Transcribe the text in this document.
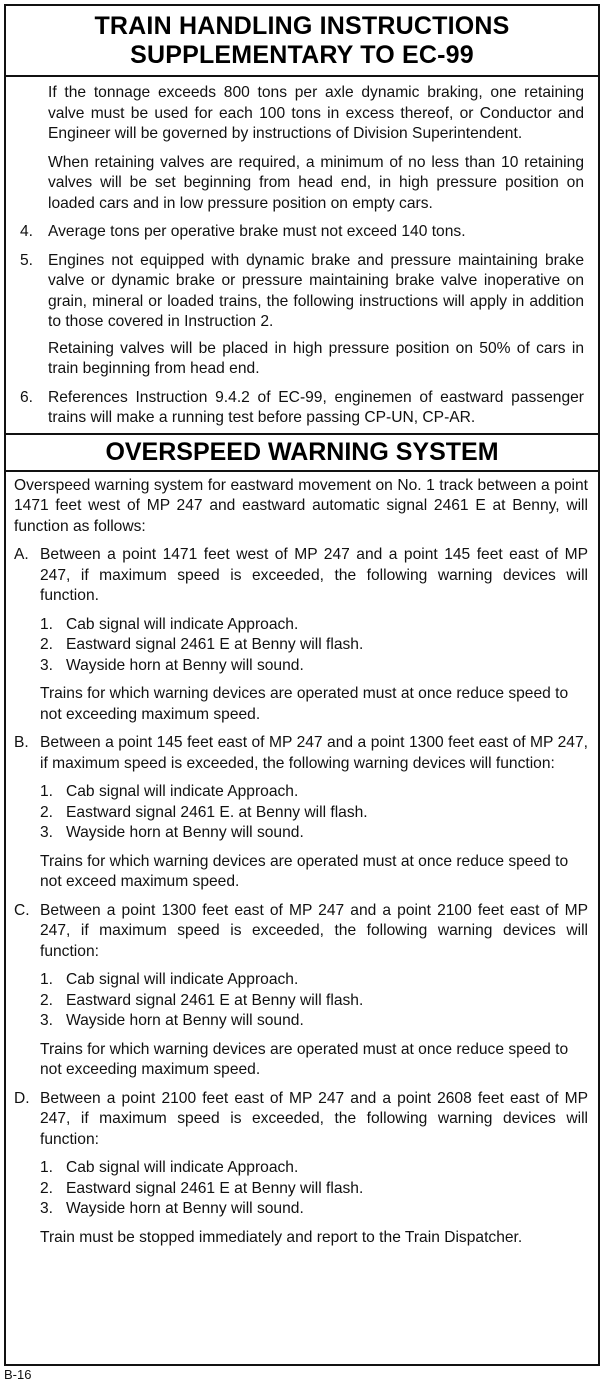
TRAIN HANDLING INSTRUCTIONS
SUPPLEMENTARY TO EC-99

If the tonnage exceeds 800 tons per axle dynamic braking, one retaining valve must be used for each 100 tons in excess thereof, or Conductor and Engineer will be governed by instructions of Division Superintendent.

When retaining valves are required, a minimum of no less than 10 retaining valves will be set beginning from head end, in high pressure position on loaded cars and in low pressure position on empty cars.

4. Average tons per operative brake must not exceed 140 tons.
5. Engines not equipped with dynamic brake and pressure maintaining brake valve or dynamic brake or pressure maintaining brake valve inoperative on grain, mineral or loaded trains, the following instructions will apply in addition to those covered in Instruction 2.

Retaining valves will be placed in high pressure position on 50% of cars in train beginning from head end.

6. References Instruction 9.4.2 of EC-99, enginemen of eastward passenger trains will make a running test before passing CP-UN, CP-AR.
OVERSPEED WARNING SYSTEM

Overspeed warning system for eastward movement on No. 1 track between a point 1471 feet west of MP 247 and eastward automatic signal 2461 E at Benny, will function as follows:

A. Between a point 1471 feet west of MP 247 and a point 145 feet east of MP 247, if maximum speed is exceeded, the following warning devices will function.
1. Cab signal will indicate Approach.
2. Eastward signal 2461 E at Benny will flash.
3. Wayside horn at Benny will sound.

Trains for which warning devices are operated must at once reduce speed to not exceeding maximum speed.

B. Between a point 145 feet east of MP 247 and a point 1300 feet east of MP 247, if maximum speed is exceeded, the following warning devices will function:
1. Cab signal will indicate Approach.
2. Eastward signal 2461 E. at Benny will flash.
3. Wayside horn at Benny will sound.

Trains for which warning devices are operated must at once reduce speed to not exceed maximum speed.

C. Between a point 1300 feet east of MP 247 and a point 2100 feet east of MP 247, if maximum speed is exceeded, the following warning devices will function:
1. Cab signal will indicate Approach.
2. Eastward signal 2461 E at Benny will flash.
3. Wayside horn at Benny will sound.

Trains for which warning devices are operated must at once reduce speed to not exceeding maximum speed.

D. Between a point 2100 feet east of MP 247 and a point 2608 feet east of MP 247, if maximum speed is exceeded, the following warning devices will function:
1. Cab signal will indicate Approach.
2. Eastward signal 2461 E at Benny will flash.
3. Wayside horn at Benny will sound.

Train must be stopped immediately and report to the Train Dispatcher.

B-16
